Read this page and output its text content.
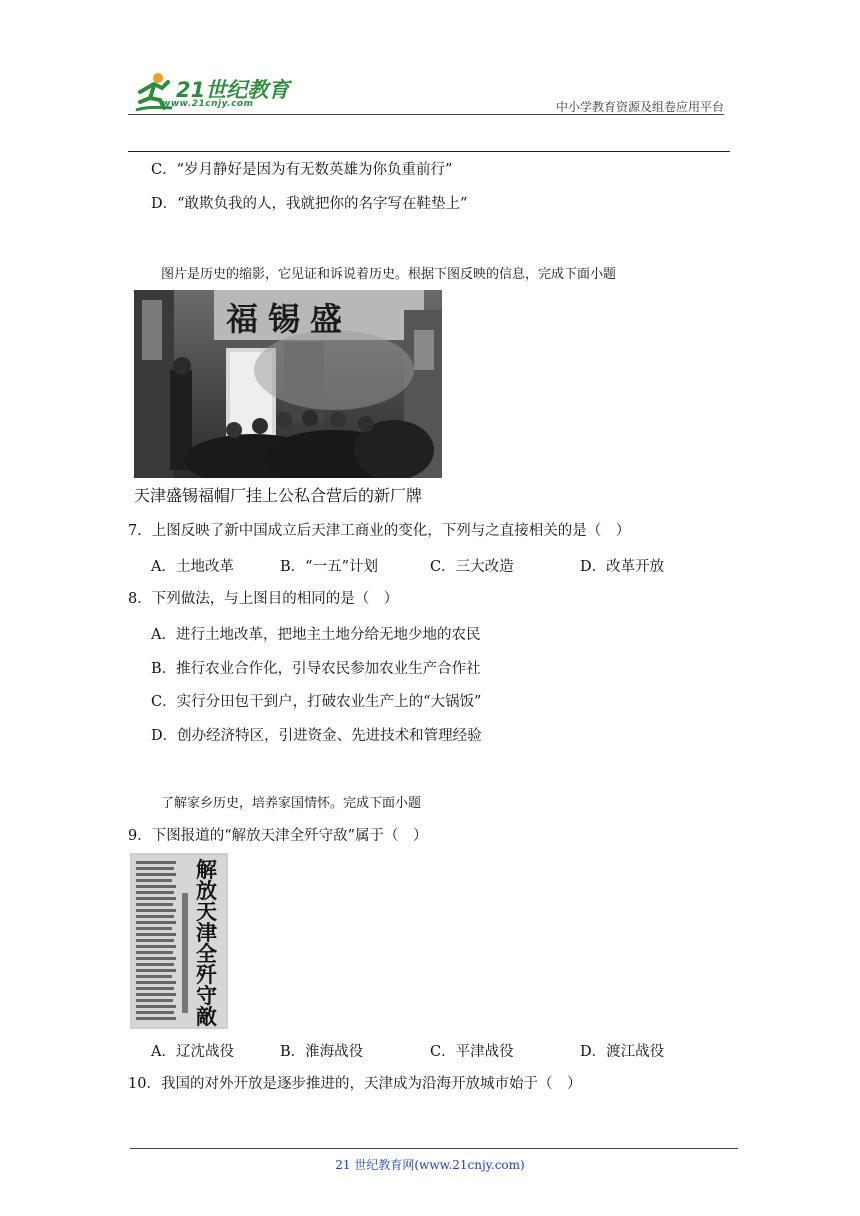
21世纪教育
www.21cnjy.com	中小学教育资源及组卷应用平台
C．“岁月静好是因为有无数英雄为你负重前行”
D．“敢欺负我的人，我就把你的名字写在鞋垫上”
图片是历史的缩影，它见证和诉说着历史。根据下图反映的信息，完成下面小题
福锡盛
天津盛锡福帽厂挂上公私合营后的新厂牌
7．上图反映了新中国成立后天津工商业的变化，下列与之直接相关的是（　）
A．土地改革	B．“一五”计划	C．三大改造	D．改革开放
8．下列做法，与上图目的相同的是（　）
A．进行土地改革，把地主土地分给无地少地的农民
B．推行农业合作化，引导农民参加农业生产合作社
C．实行分田包干到户，打破农业生产上的“大锅饭”
D．创办经济特区，引进资金、先进技术和管理经验
了解家乡历史，培养家国情怀。完成下面小题
9．下图报道的“解放天津全歼守敌”属于（　）
解放天津全歼守敵
A．辽沈战役	B．淮海战役	C．平津战役	D．渡江战役
10．我国的对外开放是逐步推进的，天津成为沿海开放城市始于（　）
21 世纪教育网(www.21cnjy.com)
